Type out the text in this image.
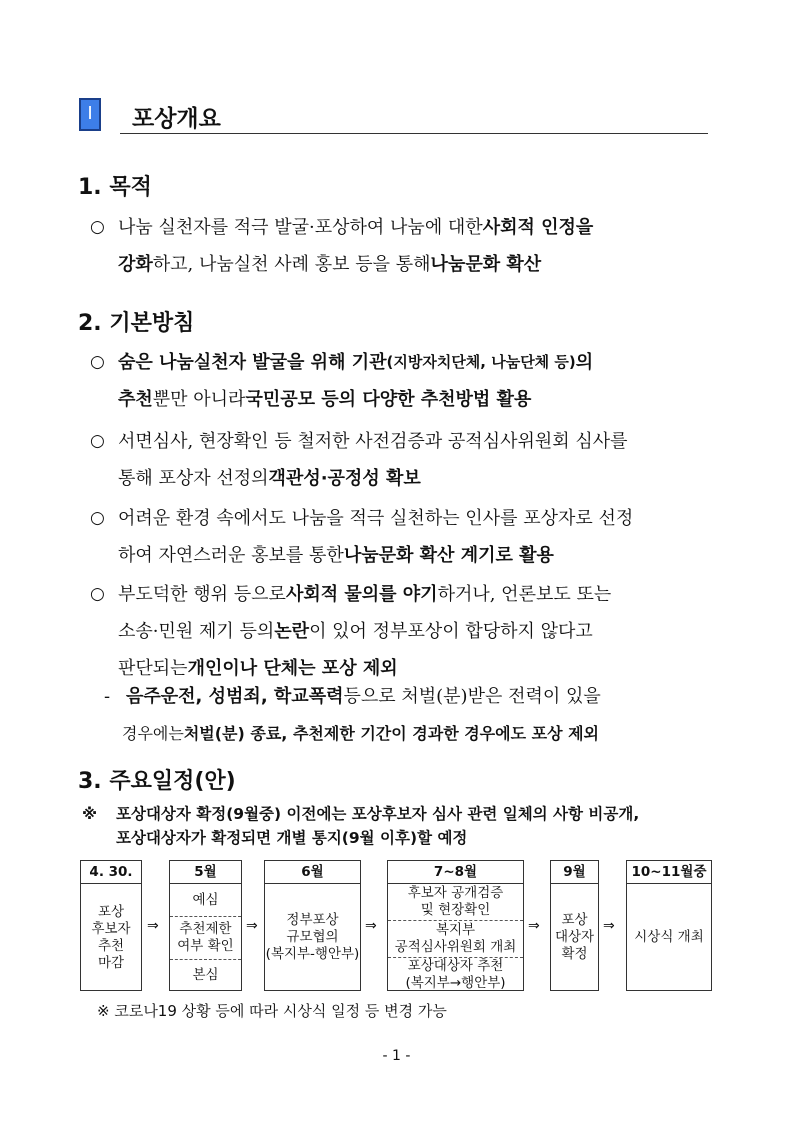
Ⅰ	포상개요
1. 목적
○ 나눔 실천자를 적극 발굴·포상하여 나눔에 대한 사회적 인정을
강화 하고, 나눔실천 사례 홍보 등을 통해 나눔문화 확산
2. 기본방침
○ 숨은 나눔실천자 발굴을 위해 기관 (지방자치단체, 나눔단체 등) 의
추천 뿐만 아니라 국민공모 등의 다양한 추천방법 활용
○ 서면심사, 현장확인 등 철저한 사전검증과 공적심사위원회 심사를
통해 포상자 선정의 객관성·공정성 확보
○ 어려운 환경 속에서도 나눔을 적극 실천하는 인사를 포상자로 선정
하여 자연스러운 홍보를 통한 나눔문화 확산 계기로 활용
○ 부도덕한 행위 등으로 사회적 물의를 야기 하거나, 언론보도 또는
소송·민원 제기 등의 논란 이 있어 정부포상이 합당하지 않다고
판단되는 개인이나 단체는 포상 제외
- 음주운전, 성범죄, 학교폭력 등으로 처벌(분)받은 전력이 있을
경우에는 처벌(분) 종료, 추천제한 기간이 경과한 경우에도 포상 제외
3. 주요일정(안)
※ 포상대상자 확정(9월중) 이전에는 포상후보자 심사 관련 일체의 사항 비공개,
포상대상자가 확정되면 개별 통지(9월 이후)할 예정
4. 30.
포상
후보자
추천
마감
⇒
5월
예심
추천제한
여부 확인
본심
⇒
6월
정부포상
규모협의
(복지부-행안부)
⇒
7~8월
후보자 공개검증
및 현장확인
복지부
공적심사위원회 개최
포상대상자 추천
(복지부→행안부)
⇒
9월
포상
대상자
확정
⇒
10~11월중
시상식 개최
※ 코로나19 상황 등에 따라 시상식 일정 등 변경 가능
- 1 -
